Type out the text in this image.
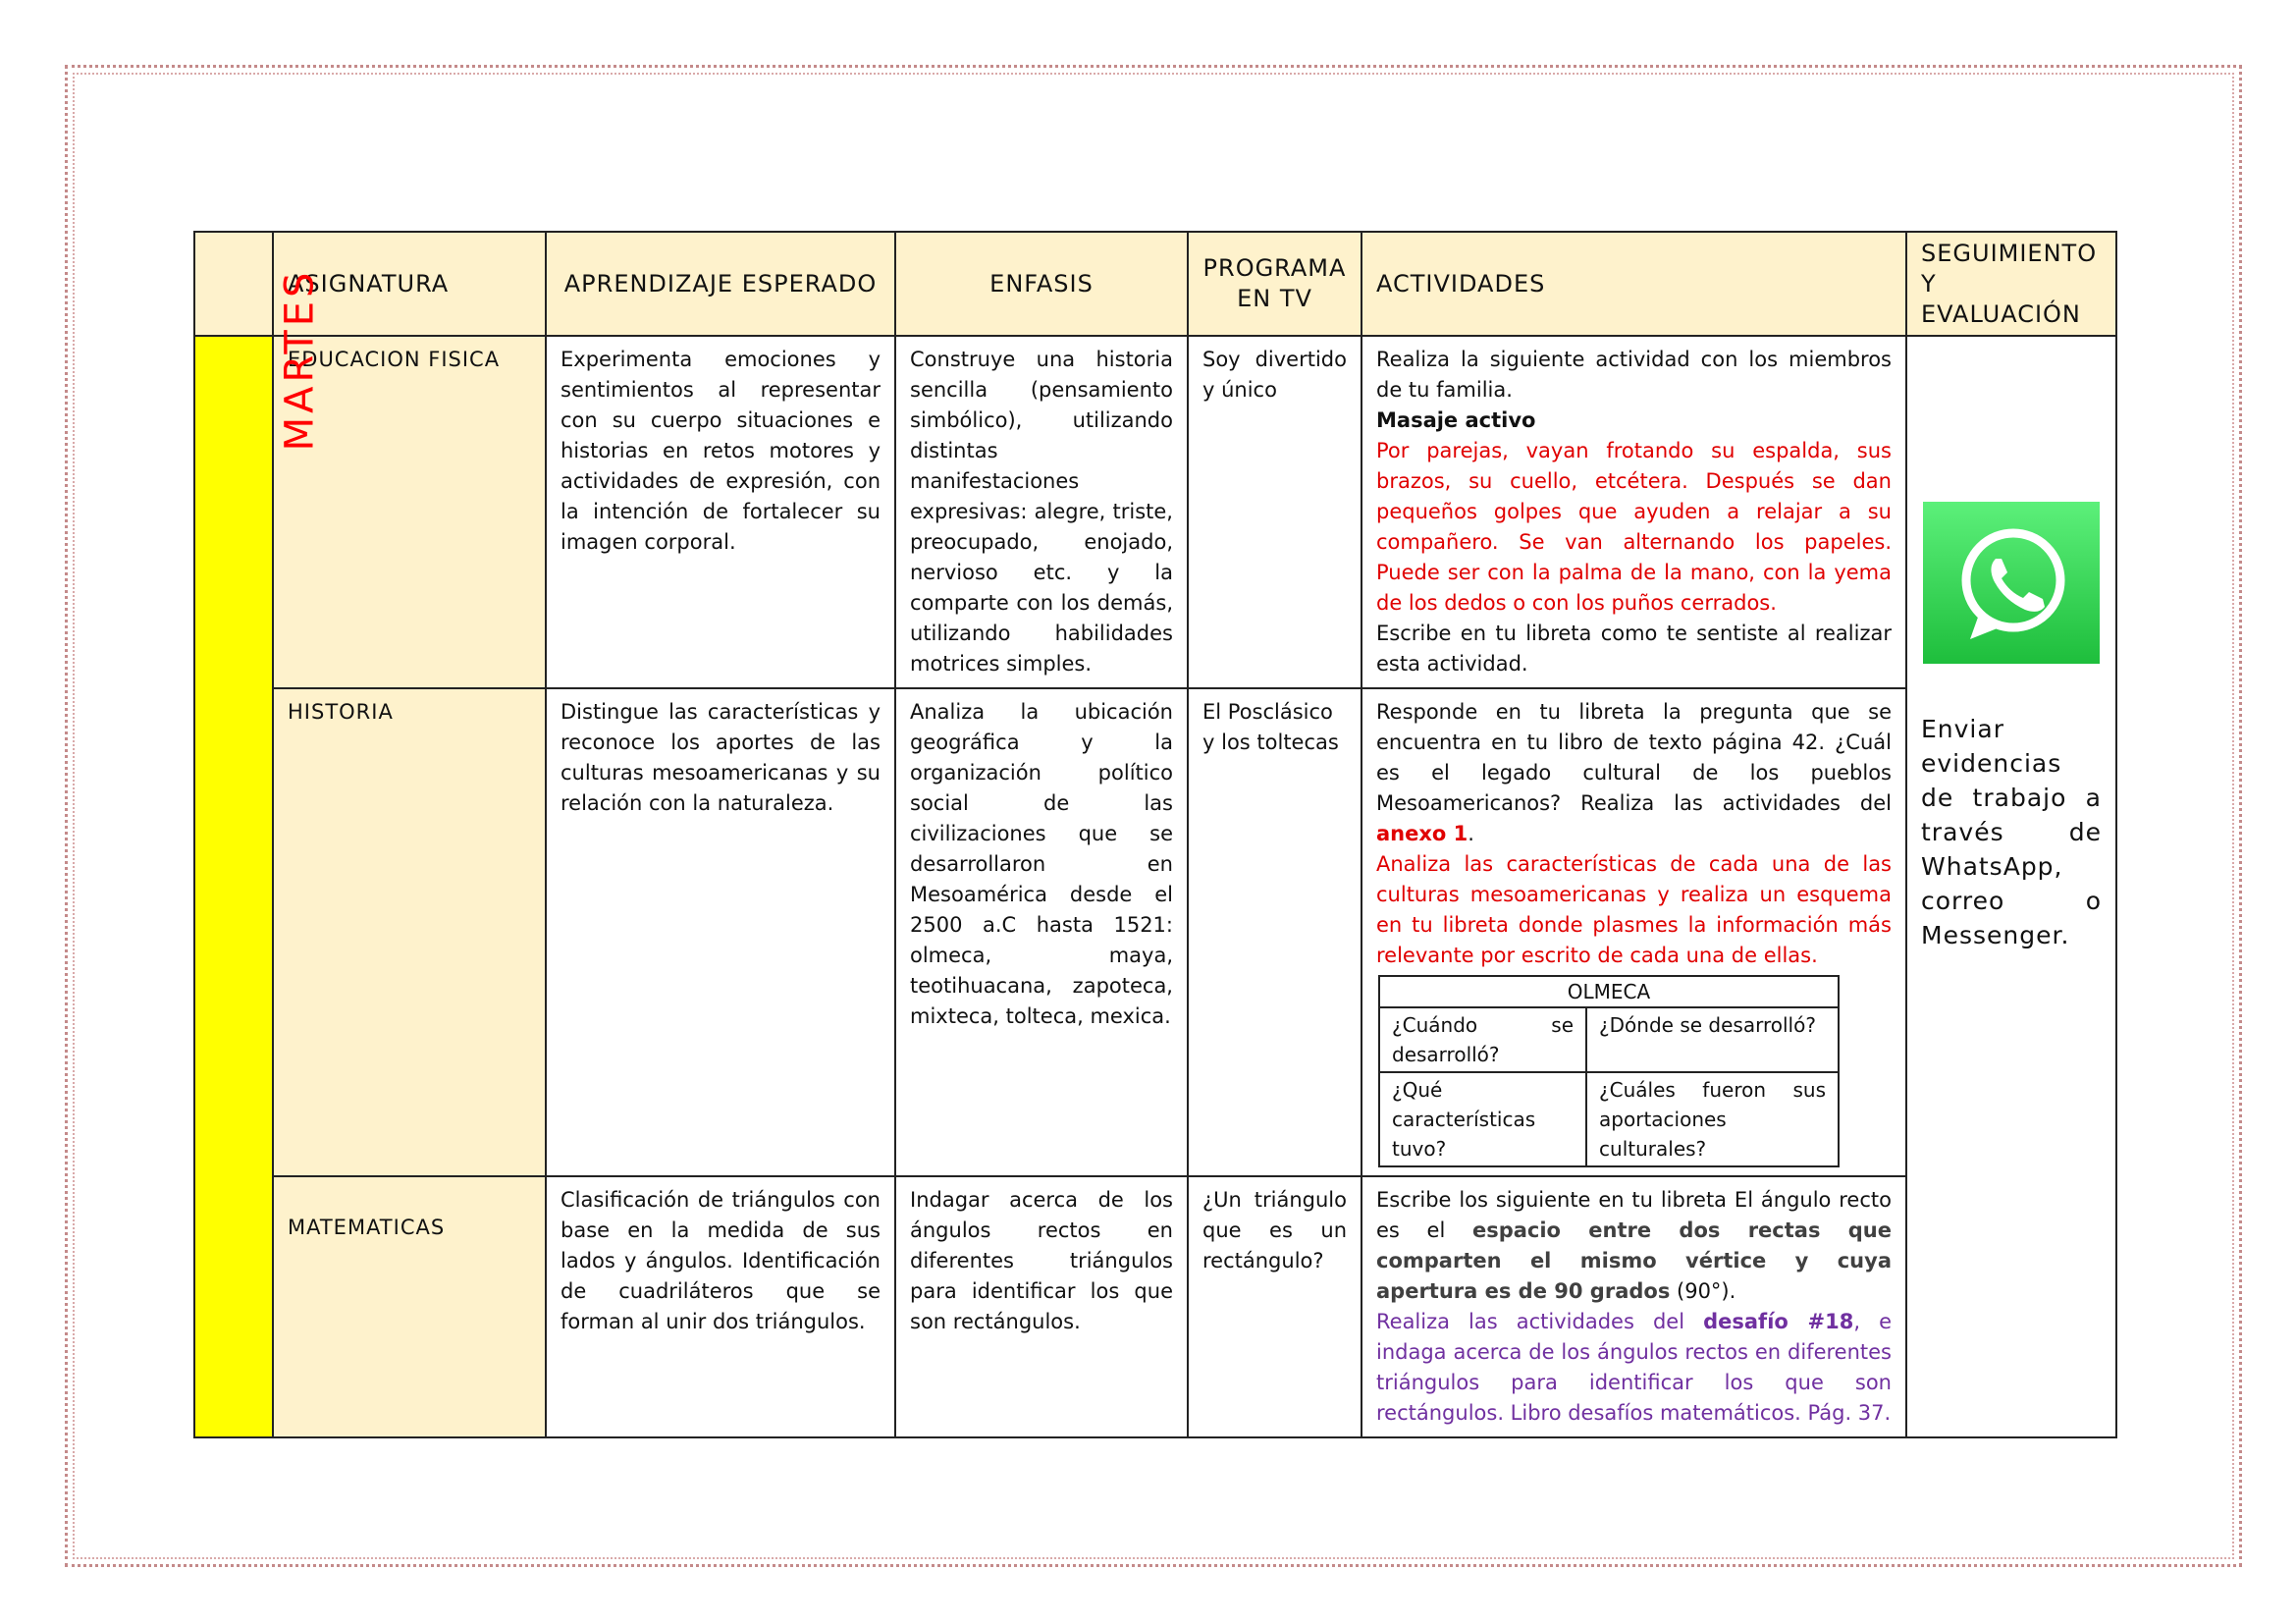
	ASIGNATURA	APRENDIZAJE ESPERADO	ENFASIS	PROGRAMA EN TV	ACTIVIDADES	SEGUIMIENTO Y EVALUACIÓN
MARTES	EDUCACION FISICA	Experimenta emociones y sentimientos al representar con su cuerpo situaciones e historias en retos motores y actividades de expresión, con la intención de fortalecer su imagen corporal.	Construye una historia sencilla (pensamiento simbólico), utilizando distintas manifestaciones expresivas: alegre, triste, preocupado, enojado, nervioso etc. y la comparte con los demás, utilizando habilidades motrices simples.	Soy divertido y único	Realiza la siguiente actividad con los miembros de tu familia.
Masaje activo
Por parejas, vayan frotando su espalda, sus brazos, su cuello, etcétera. Después se dan pequeños golpes que ayuden a relajar a su compañero. Se van alternando los papeles. Puede ser con la palma de la mano, con la yema de los dedos o con los puños cerrados.
Escribe en tu libreta como te sentiste al realizar esta actividad.	
Enviar evidencias de trabajo a través de WhatsApp, correo o Messenger.

HISTORIA	Distingue las características y reconoce los aportes de las culturas mesoamericanas y su relación con la naturaleza.	Analiza la ubicación geográfica y la organización político social de las civilizaciones que se desarrollaron en Mesoamérica desde el 2500 a.C hasta 1521: olmeca, maya, teotihuacana, zapoteca, mixteca, tolteca, mexica.	El Posclásico y los toltecas	Responde en tu libreta la pregunta que se encuentra en tu libro de texto página 42. ¿Cuál es el legado cultural de los pueblos Mesoamericanos? Realiza las actividades del anexo 1.
Analiza las características de cada una de las culturas mesoamericanas y realiza un esquema en tu libreta donde plasmes la información más relevante por escrito de cada una de ellas.
OLMECA
¿Cuándo se desarrolló?	¿Dónde se desarrolló?
¿Qué características tuvo?	¿Cuáles fueron sus aportaciones culturales?

MATEMATICAS	Clasificación de triángulos con base en la medida de sus lados y ángulos. Identificación de cuadriláteros que se forman al unir dos triángulos.	Indagar acerca de los ángulos rectos en diferentes triángulos para identificar los que son rectángulos.	¿Un triángulo que es un rectángulo?	Escribe los siguiente en tu libreta El ángulo recto es el espacio entre dos rectas que comparten el mismo vértice y cuya apertura es de 90 grados (90°).
Realiza las actividades del desafío #18, e indaga acerca de los ángulos rectos en diferentes triángulos para identificar los que son rectángulos. Libro desafíos matemáticos. Pág. 37.
